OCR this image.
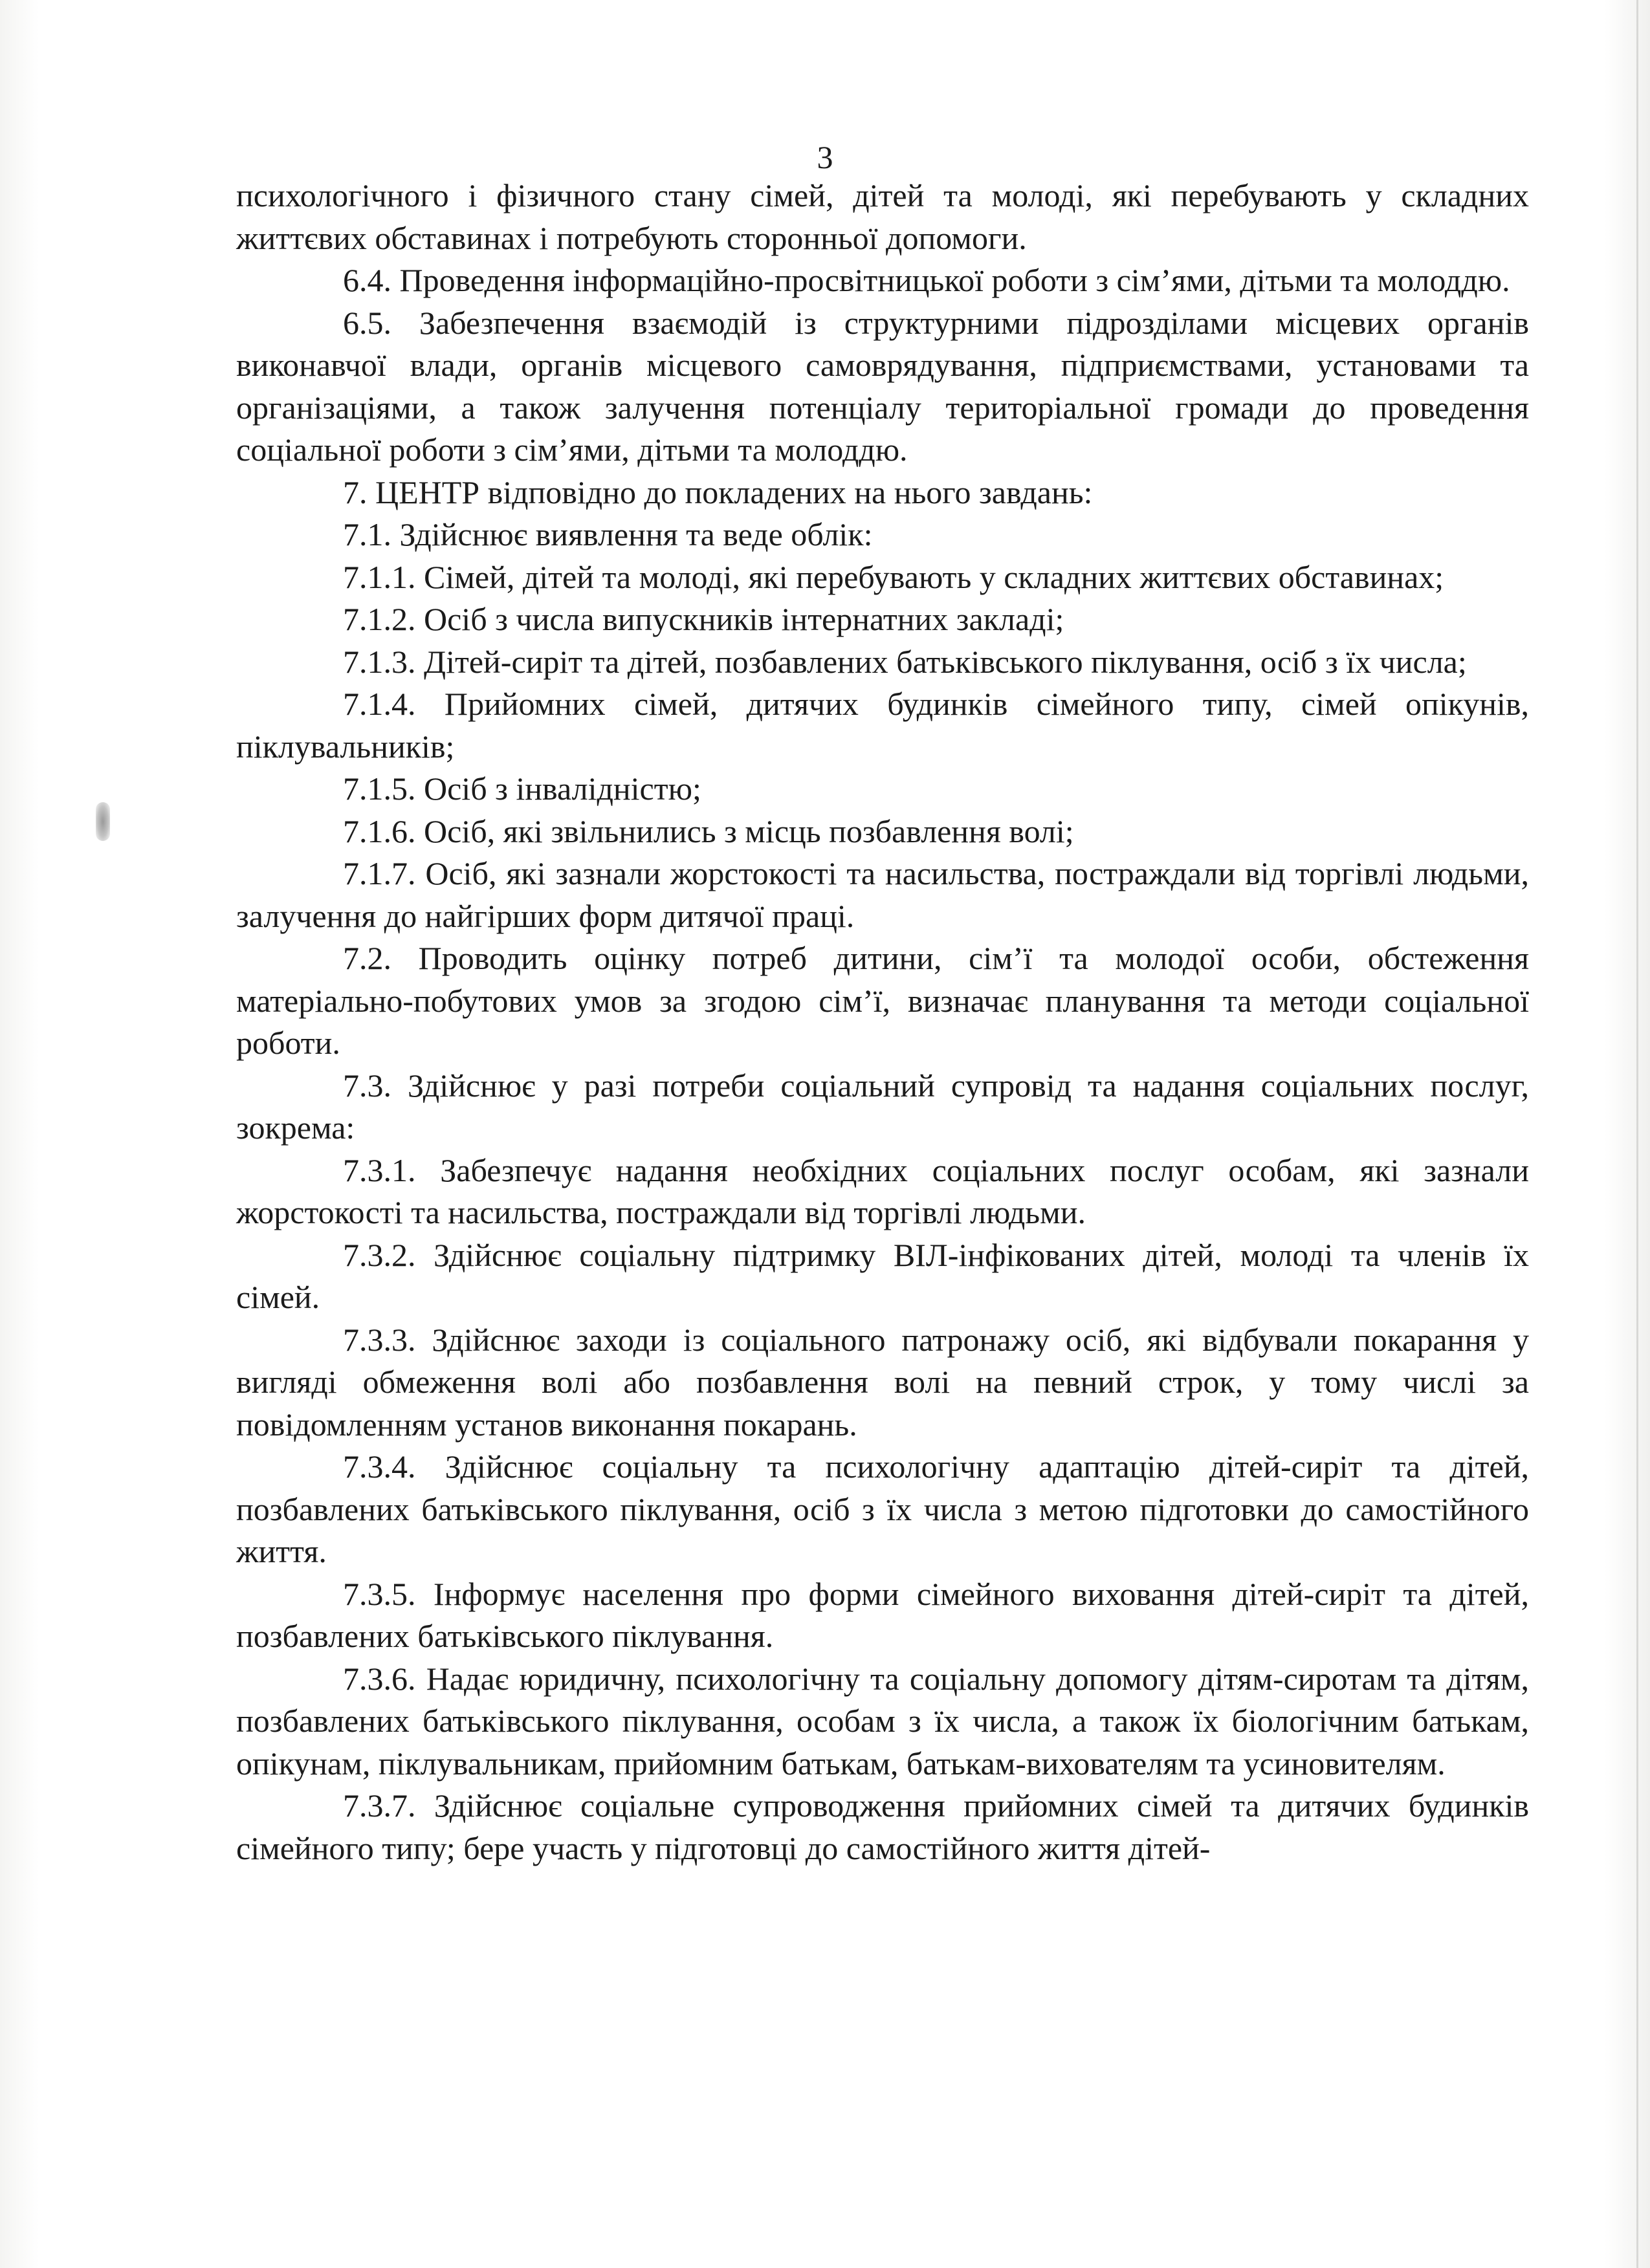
3

психологічного і фізичного стану сімей, дітей та молоді, які перебувають у складних життєвих обставинах і потребують сторонньої допомоги.

6.4. Проведення інформаційно-просвітницької роботи з сім’ями, дітьми та молоддю.

6.5. Забезпечення взаємодій із структурними підрозділами місцевих органів виконавчої влади, органів місцевого самоврядування, підприємствами, установами та організаціями, а також залучення потенціалу територіальної громади до проведення соціальної роботи з сім’ями, дітьми та молоддю.

7. ЦЕНТР відповідно до покладених на нього завдань:

7.1. Здійснює виявлення та веде облік:

7.1.1. Сімей, дітей та молоді, які перебувають у складних життєвих обставинах;

7.1.2. Осіб з числа випускників інтернатних закладі;

7.1.3. Дітей-сиріт та дітей, позбавлених батьківського піклування, осіб з їх числа;

7.1.4. Прийомних сімей, дитячих будинків сімейного типу, сімей опікунів, піклувальників;

7.1.5. Осіб з інвалідністю;

7.1.6. Осіб, які звільнились з місць позбавлення волі;

7.1.7. Осіб, які зазнали жорстокості та насильства, постраждали від торгівлі людьми, залучення до найгірших форм дитячої праці.

7.2. Проводить оцінку потреб дитини, сім’ї та молодої особи, обстеження матеріально-побутових умов за згодою сім’ї, визначає планування та методи соціальної роботи.

7.3. Здійснює у разі потреби соціальний супровід та надання соціальних послуг, зокрема:

7.3.1. Забезпечує надання необхідних соціальних послуг особам, які зазнали жорстокості та насильства, постраждали від торгівлі людьми.

7.3.2. Здійснює соціальну підтримку ВІЛ-інфікованих дітей, молоді та членів їх сімей.

7.3.3. Здійснює заходи із соціального патронажу осіб, які відбували покарання у вигляді обмеження волі або позбавлення волі на певний строк, у тому числі за повідомленням установ виконання покарань.

7.3.4. Здійснює соціальну та психологічну адаптацію дітей-сиріт та дітей, позбавлених батьківського піклування, осіб з їх числа з метою підготовки до самостійного життя.

7.3.5. Інформує населення про форми сімейного виховання дітей-сиріт та дітей, позбавлених батьківського піклування.

7.3.6. Надає юридичну, психологічну та соціальну допомогу дітям-сиротам та дітям, позбавлених батьківського піклування, особам з їх числа, а також їх біологічним батькам, опікунам, піклувальникам, прийомним батькам, батькам-вихователям та усиновителям.

7.3.7. Здійснює соціальне супроводження прийомних сімей та дитячих будинків сімейного типу; бере участь у підготовці до самостійного життя дітей-
